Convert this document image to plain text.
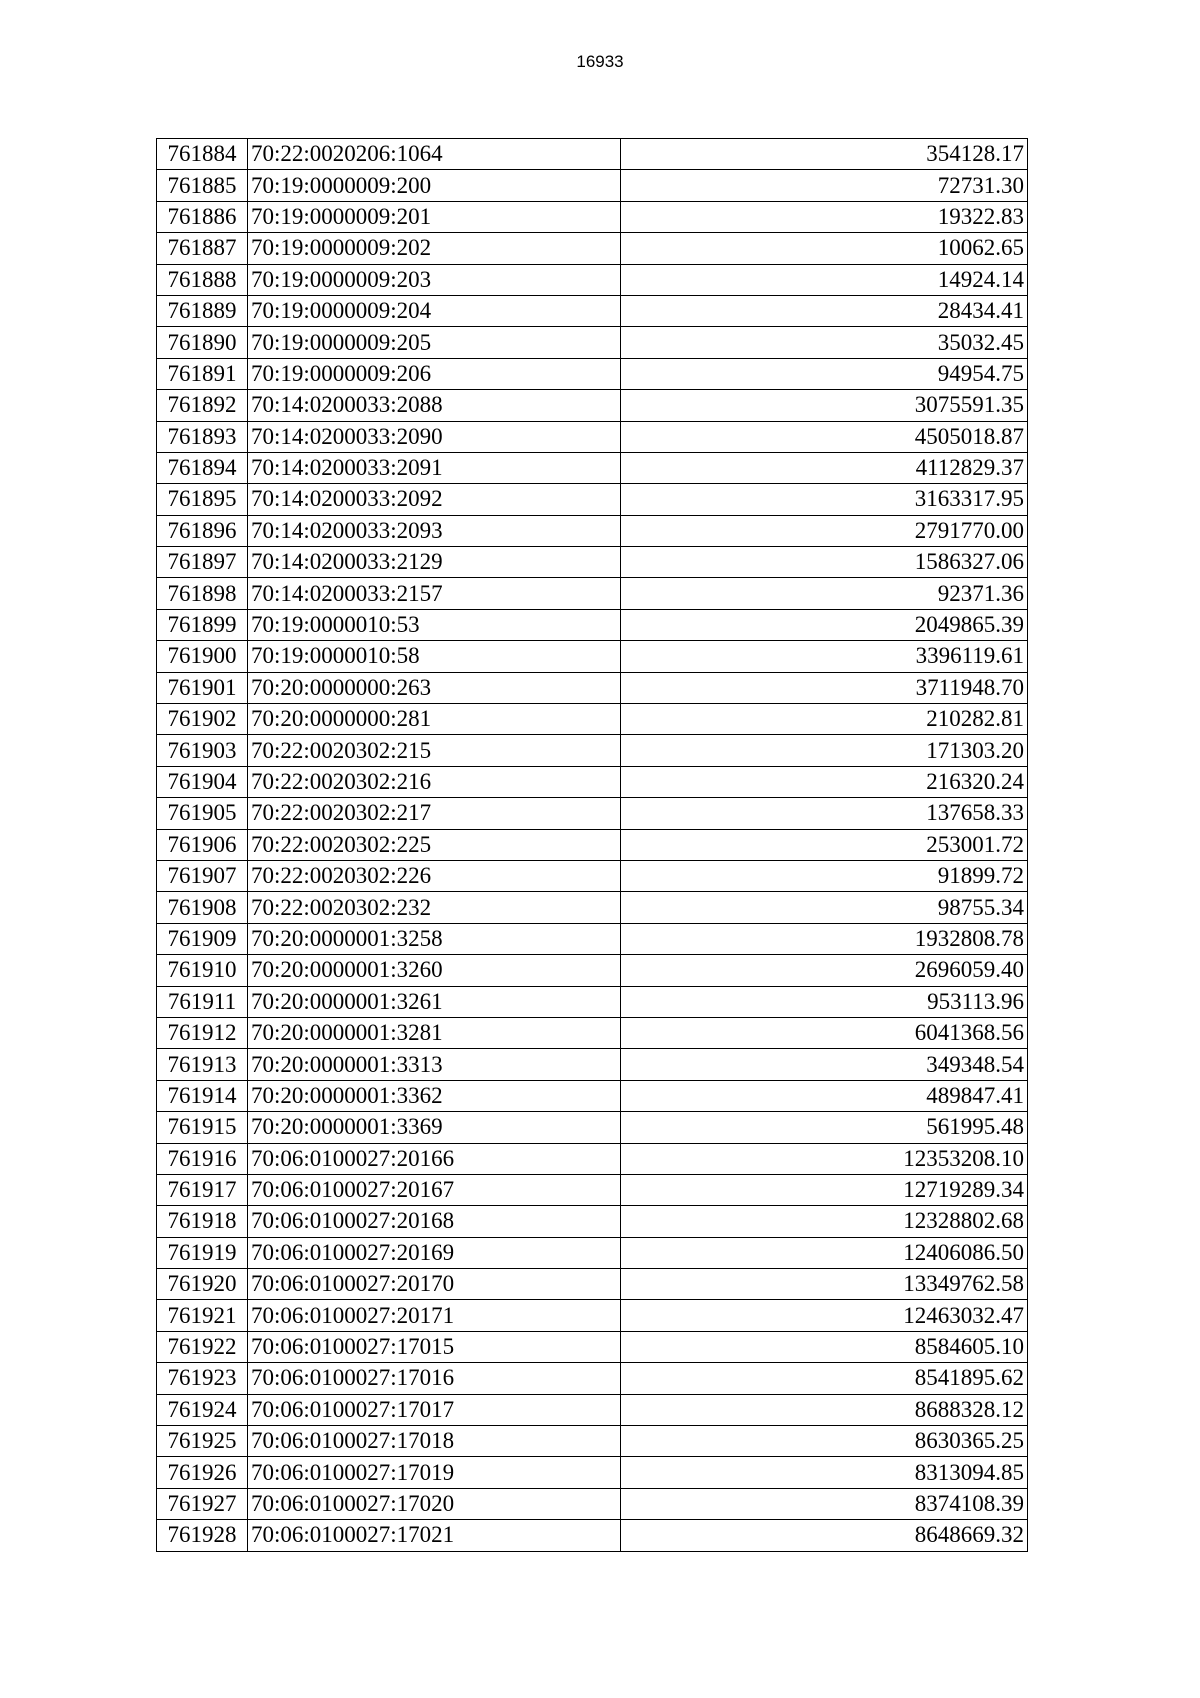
16933
761884	70:22:0020206:1064	354128.17
761885	70:19:0000009:200	72731.30
761886	70:19:0000009:201	19322.83
761887	70:19:0000009:202	10062.65
761888	70:19:0000009:203	14924.14
761889	70:19:0000009:204	28434.41
761890	70:19:0000009:205	35032.45
761891	70:19:0000009:206	94954.75
761892	70:14:0200033:2088	3075591.35
761893	70:14:0200033:2090	4505018.87
761894	70:14:0200033:2091	4112829.37
761895	70:14:0200033:2092	3163317.95
761896	70:14:0200033:2093	2791770.00
761897	70:14:0200033:2129	1586327.06
761898	70:14:0200033:2157	92371.36
761899	70:19:0000010:53	2049865.39
761900	70:19:0000010:58	3396119.61
761901	70:20:0000000:263	3711948.70
761902	70:20:0000000:281	210282.81
761903	70:22:0020302:215	171303.20
761904	70:22:0020302:216	216320.24
761905	70:22:0020302:217	137658.33
761906	70:22:0020302:225	253001.72
761907	70:22:0020302:226	91899.72
761908	70:22:0020302:232	98755.34
761909	70:20:0000001:3258	1932808.78
761910	70:20:0000001:3260	2696059.40
761911	70:20:0000001:3261	953113.96
761912	70:20:0000001:3281	6041368.56
761913	70:20:0000001:3313	349348.54
761914	70:20:0000001:3362	489847.41
761915	70:20:0000001:3369	561995.48
761916	70:06:0100027:20166	12353208.10
761917	70:06:0100027:20167	12719289.34
761918	70:06:0100027:20168	12328802.68
761919	70:06:0100027:20169	12406086.50
761920	70:06:0100027:20170	13349762.58
761921	70:06:0100027:20171	12463032.47
761922	70:06:0100027:17015	8584605.10
761923	70:06:0100027:17016	8541895.62
761924	70:06:0100027:17017	8688328.12
761925	70:06:0100027:17018	8630365.25
761926	70:06:0100027:17019	8313094.85
761927	70:06:0100027:17020	8374108.39
761928	70:06:0100027:17021	8648669.32
